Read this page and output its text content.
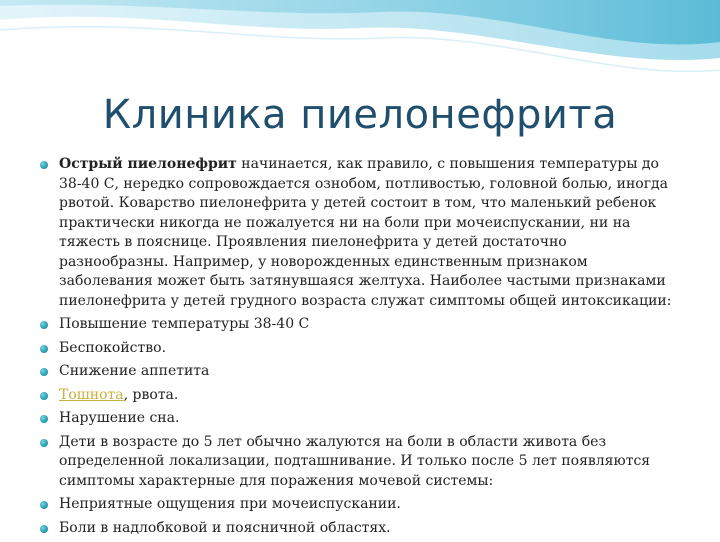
Клиника пиелонефрита
Острый пиелонефрит начинается, как правило, с повышения температуры до 38-40 С, нередко сопровождается ознобом, потливостью, головной болью, иногда рвотой. Коварство пиелонефрита у детей состоит в том, что маленький ребенок практически никогда не пожалуется ни на боли при мочеиспускании, ни на тяжесть в пояснице. Проявления пиелонефрита у детей достаточно разнообразны. Например, у новорожденных единственным признаком заболевания может быть затянувшаяся желтуха. Наиболее частыми признаками пиелонефрита у детей грудного возраста служат симптомы общей интоксикации:
Повышение температуры 38-40 С
Беспокойство.
Снижение аппетита
Тошнота, рвота.
Нарушение сна.
Дети в возрасте до 5 лет обычно жалуются на боли в области живота без определенной локализации, подташнивание. И только после 5 лет появляются симптомы характерные для поражения мочевой системы:
Неприятные ощущения при мочеиспускании.
Боли в надлобковой и поясничной областях.
